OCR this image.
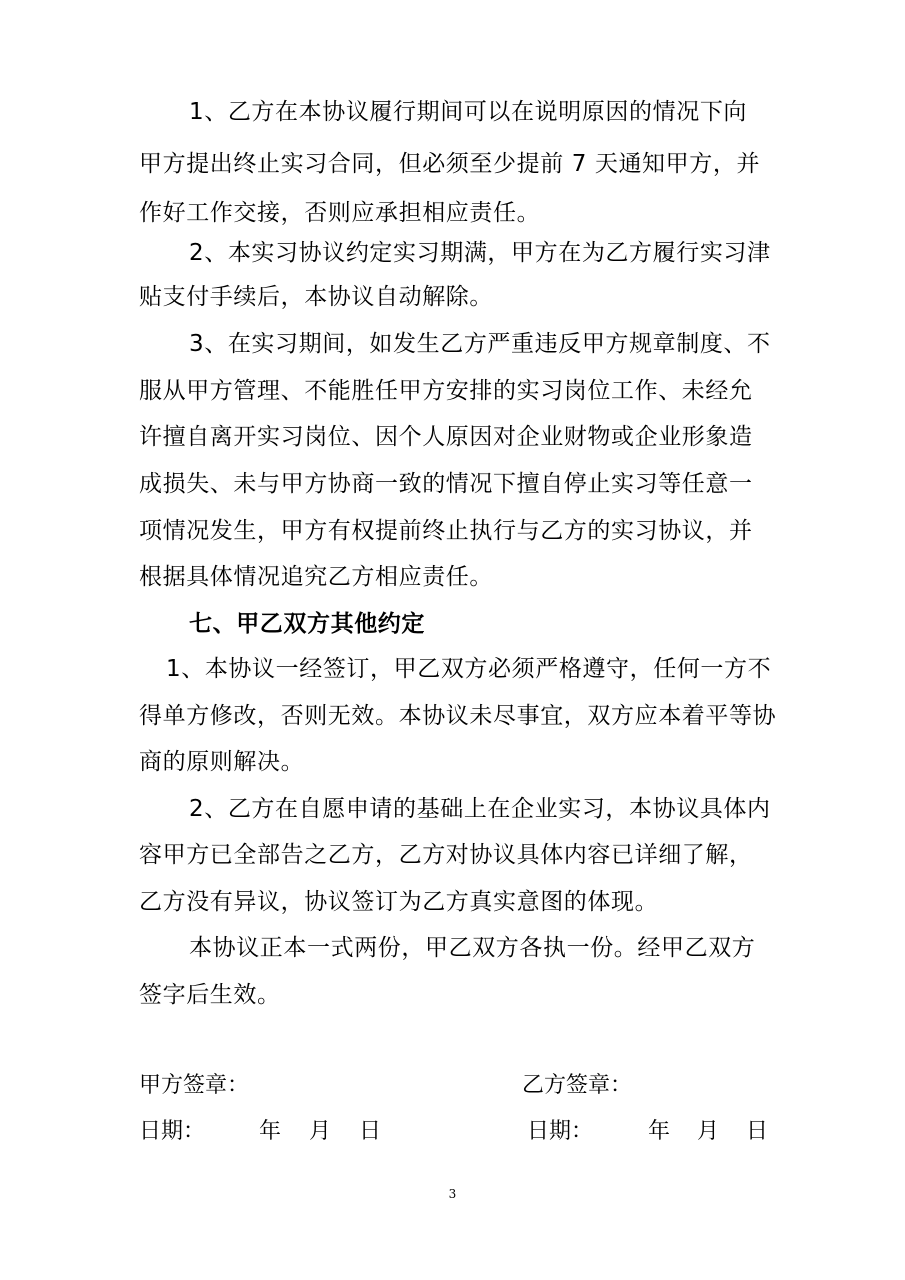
1、乙方在本协议履行期间可以在说明原因的情况下向
甲方提出终止实习合同，但必须至少提前 7 天通知甲方，并
作好工作交接，否则应承担相应责任。
2、本实习协议约定实习期满，甲方在为乙方履行实习津
贴支付手续后，本协议自动解除。
3、在实习期间，如发生乙方严重违反甲方规章制度、不
服从甲方管理、不能胜任甲方安排的实习岗位工作、未经允
许擅自离开实习岗位、因个人原因对企业财物或企业形象造
成损失、未与甲方协商一致的情况下擅自停止实习等任意一
项情况发生，甲方有权提前终止执行与乙方的实习协议，并
根据具体情况追究乙方相应责任。
七、甲乙双方其他约定
1、本协议一经签订，甲乙双方必须严格遵守，任何一方不
得单方修改，否则无效。本协议未尽事宜，双方应本着平等协
商的原则解决。
2、乙方在自愿申请的基础上在企业实习，本协议具体内
容甲方已全部告之乙方，乙方对协议具体内容已详细了解，
乙方没有异议，协议签订为乙方真实意图的体现。
本协议正本一式两份，甲乙双方各执一份。经甲乙双方
签字后生效。
甲方签章：	乙方签章：
日期： 年 月 日	日期： 年 月 日
3
